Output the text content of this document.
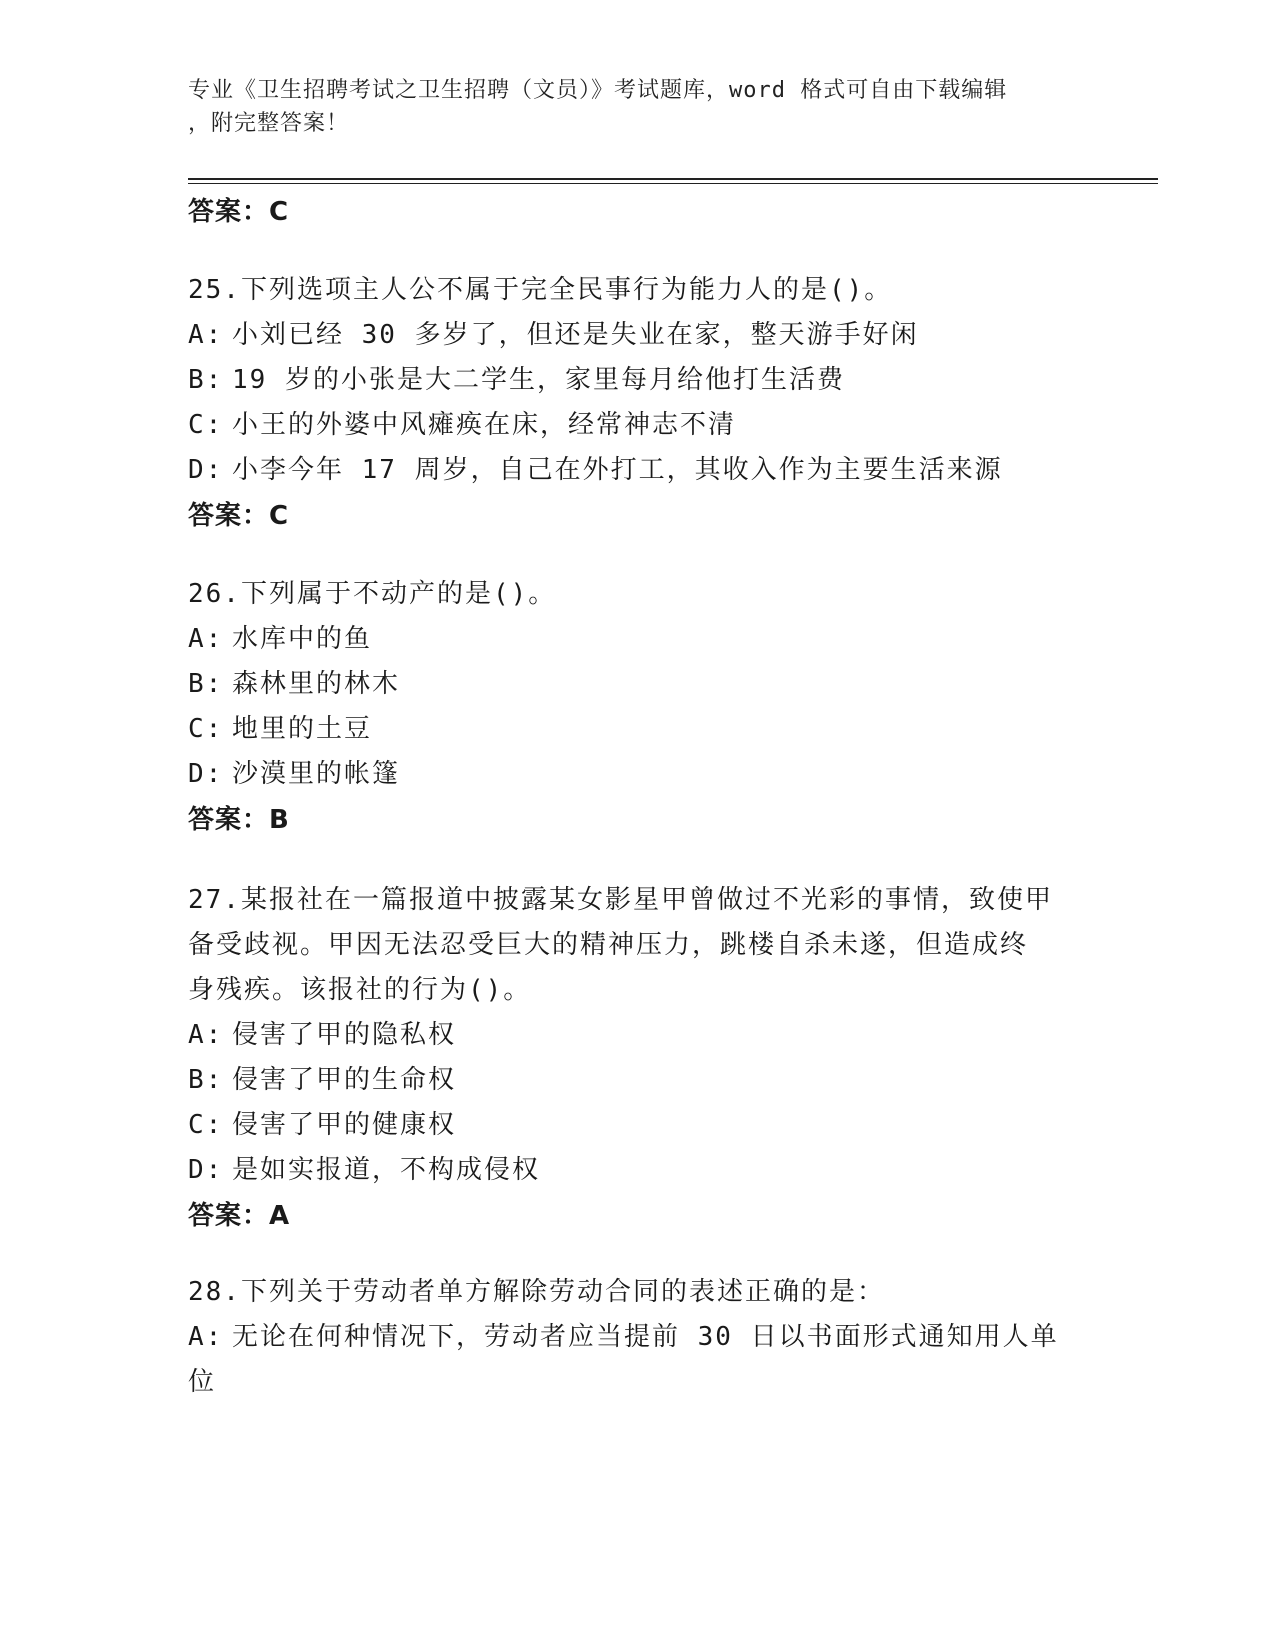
专业《卫生招聘考试之卫生招聘（文员）》考试题库，word 格式可自由下载编辑
，附完整答案！
答案：C
25.下列选项主人公不属于完全民事行为能力人的是()。
A: 小刘已经 30 多岁了，但还是失业在家，整天游手好闲
B: 19 岁的小张是大二学生，家里每月给他打生活费
C: 小王的外婆中风瘫痪在床，经常神志不清
D: 小李今年 17 周岁，自己在外打工，其收入作为主要生活来源
答案：C
26.下列属于不动产的是()。
A: 水库中的鱼
B: 森林里的林木
C: 地里的土豆
D: 沙漠里的帐篷
答案：B
27.某报社在一篇报道中披露某女影星甲曾做过不光彩的事情，致使甲
备受歧视。甲因无法忍受巨大的精神压力，跳楼自杀未遂，但造成终
身残疾。该报社的行为()。
A: 侵害了甲的隐私权
B: 侵害了甲的生命权
C: 侵害了甲的健康权
D: 是如实报道，不构成侵权
答案：A
28.下列关于劳动者单方解除劳动合同的表述正确的是：
A: 无论在何种情况下，劳动者应当提前 30 日以书面形式通知用人单
位
